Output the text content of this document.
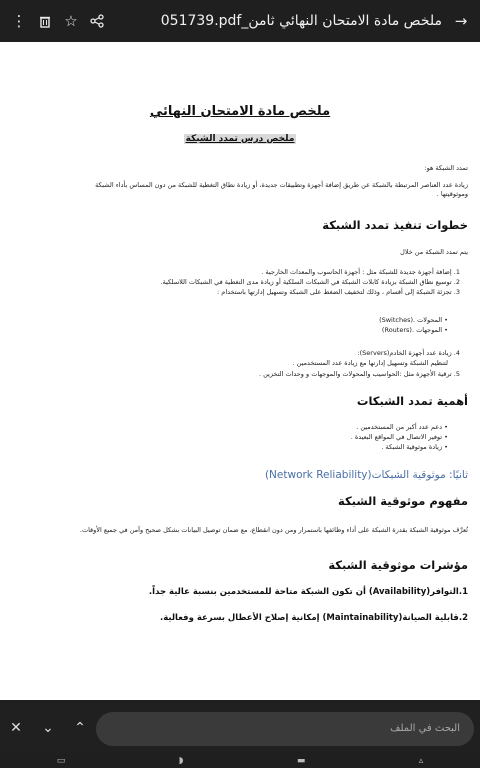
⋮	☆	051739.pdf_ملخص مادة الامتحان النهائي ثامن →
ملخص مادة الامتحان النهائي
ملخص درس تمدد الشبكة
تمدد الشبكة هو:
زيادة عدد العناصر المرتبطة بالشبكة عن طريق إضافة أجهزة وتطبيقات جديدة، أو زيادة نطاق التغطية للشبكة من دون المساس بأداء الشبكة وموثوقيتها .
خطوات تنفيذ تمدد الشبكة
يتم تمدد الشبكة من خلال
1. إضافة أجهزة جديدة للشبكة مثل : أجهزة الحاسوب والمعدات الخارجية .
2. توسيع نطاق الشبكة بزيادة كابلات الشبكة في الشبكات السلكية أو زيادة مدى التغطية في الشبكات اللاسلكية.
3. تجزئة الشبكة إلى أقسام ، وذلك لتخفيف الضغط على الشبكة وتسهيل إدارتها باستخدام :
• المحولات .(Switches)
• الموجهات .(Routers)
4. زيادة عدد أجهزة الخادم(Servers):
لتنظيم الشبكة وتسهيل إدارتها مع زيادة عدد المستخدمين .
5. ترقية الأجهزة مثل :الحواسيب والمحولات والموجهات و وحدات التخزين .
أهمية تمدد الشبكات
• دعم عدد أكبر من المستخدمين .
• توفير الاتصال في المواقع البعيدة .
• زيادة موثوقية الشبكة .
ثانيًا: موثوقية الشبكات(Network Reliability)
مفهوم موثوقية الشبكة
تُعرَّف موثوقية الشبكة بقدرة الشبكة على أداء وظائفها باستمرار ومن دون انقطاع، مع ضمان توصيل البيانات بشكل صحيح وآمن في جميع الأوقات.
مؤشرات موثوقية الشبكة
1.التوافر(Availability) أن تكون الشبكة متاحة للمستخدمين بنسبة عالية جداً.
2.قابلية الصيانة(Maintainability) إمكانية إصلاح الأعطال بسرعة وفعالية.
✕	⌄	⌃	البحث في الملف
▭	◗	▬	▵
